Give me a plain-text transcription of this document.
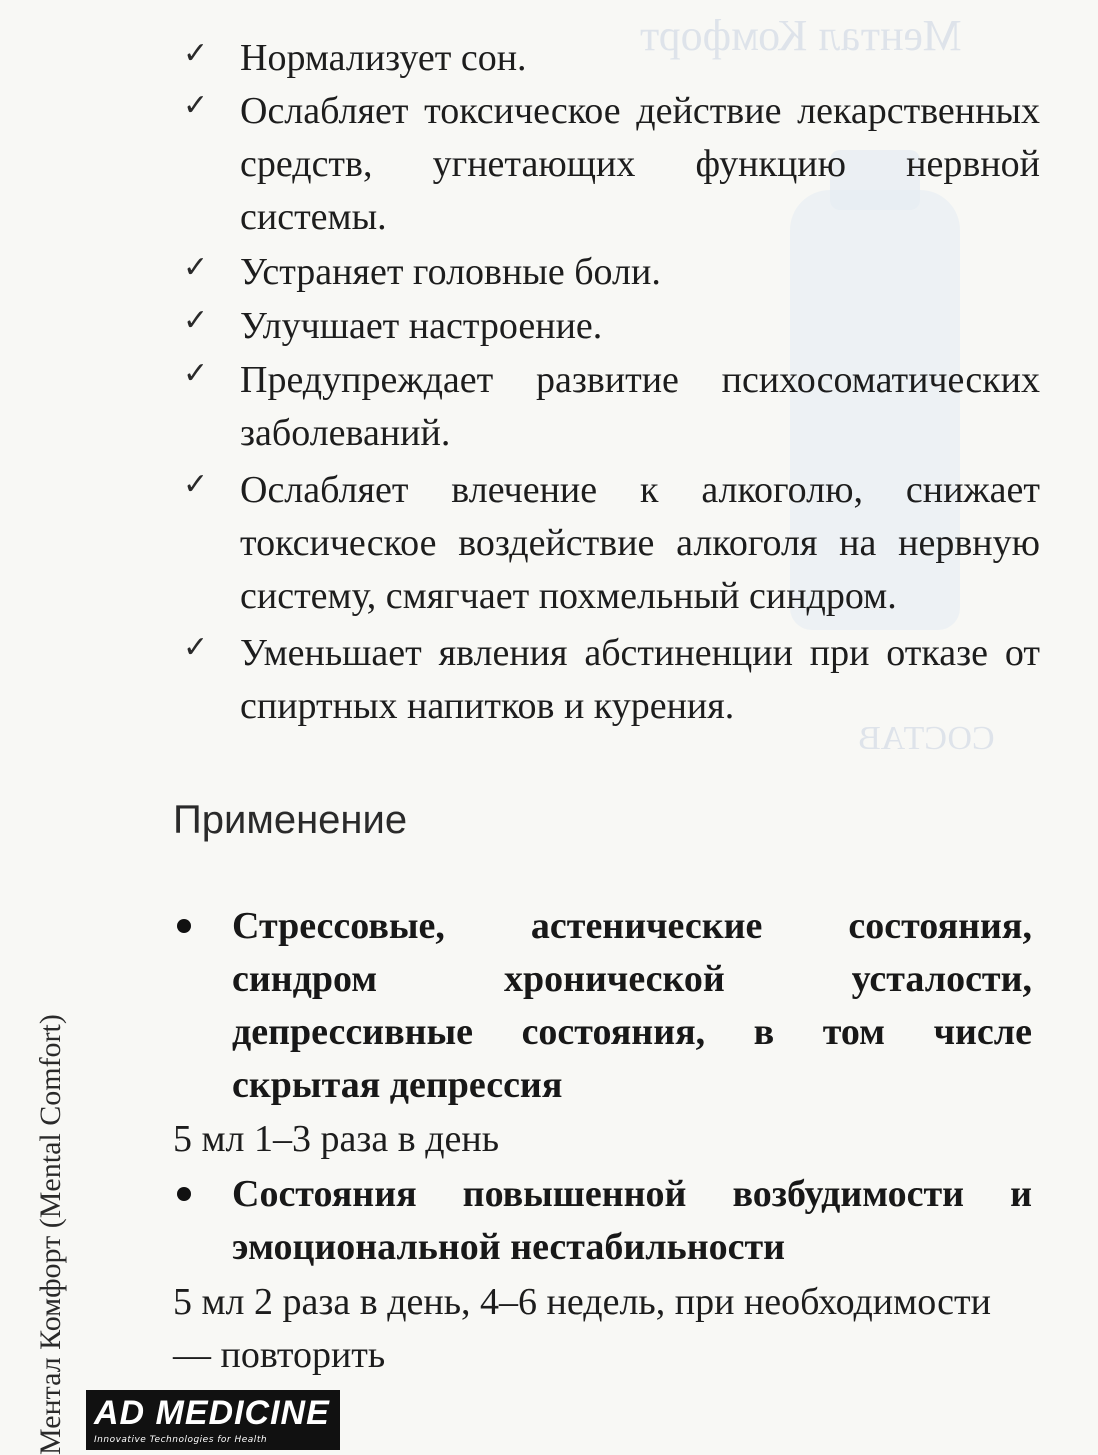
Ментал Комфорт
СОСТАВ
✓ Нормализует сон.
✓ Ослабляет токсическое действие лекарственных средств, угнетающих функцию нервной системы.
✓ Устраняет головные боли.
✓ Улучшает настроение.
✓ Предупреждает развитие психосоматических заболеваний.
✓ Ослабляет влечение к алкоголю, снижает токсическое воздействие алкоголя на нервную систему, смягчает похмельный синдром.
✓ Уменьшает явления абстиненции при отказе от спиртных напитков и курения.
Применение
Стрессовые, астенические состояния, синдром хронической усталости, депрессивные состояния, в том числе скрытая депрессия
5 мл 1–3 раза в день
Состояния повышенной возбудимости и эмоциональной нестабильности
5 мл 2 раза в день, 4–6 недель, при необходимости — повторить
Ментал Комфорт (Mental Comfort) AD MEDICINE
Innovative Technologies for Health
